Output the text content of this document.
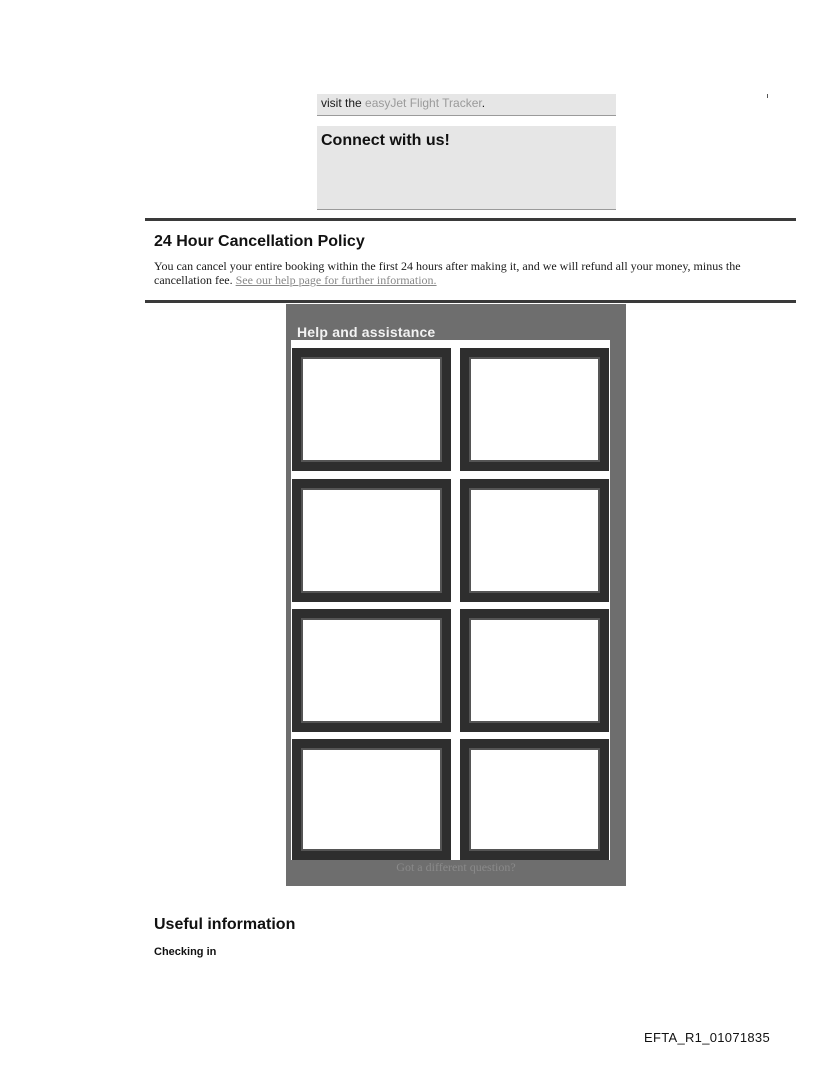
visit the easyJet Flight Tracker.

Connect with us!

24 Hour Cancellation Policy

You can cancel your entire booking within the first 24 hours after making it, and we will refund all your money, minus the cancellation fee. See our help page for further information.

Help and assistance

Got a different question?

Useful information

Checking in

EFTA_R1_01071835
